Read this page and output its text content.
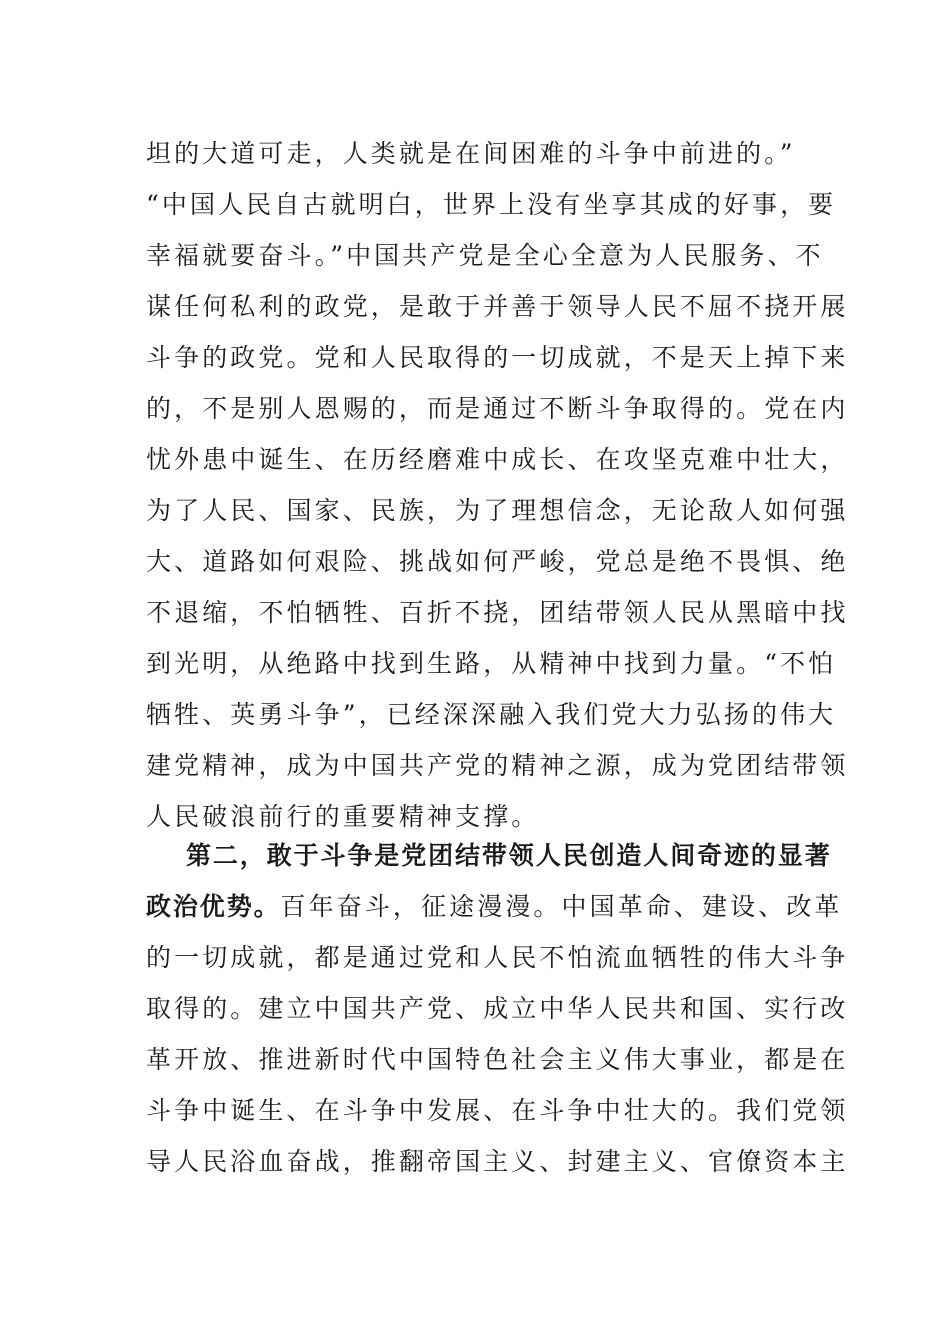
坦的大道可走，人类就是在间困难的斗争中前进的。”
“中国人民自古就明白，世界上没有坐享其成的好事，要
幸福就要奋斗。”中国共产党是全心全意为人民服务、不
谋任何私利的政党，是敢于并善于领导人民不屈不挠开展
斗争的政党。党和人民取得的一切成就，不是天上掉下来
的，不是别人恩赐的，而是通过不断斗争取得的。党在内
忧外患中诞生、在历经磨难中成长、在攻坚克难中壮大，
为了人民、国家、民族，为了理想信念，无论敌人如何强
大、道路如何艰险、挑战如何严峻，党总是绝不畏惧、绝
不退缩，不怕牺牲、百折不挠，团结带领人民从黑暗中找
到光明，从绝路中找到生路，从精神中找到力量。“不怕
牺牲、英勇斗争”，已经深深融入我们党大力弘扬的伟大
建党精神，成为中国共产党的精神之源，成为党团结带领
人民破浪前行的重要精神支撑。
第二，敢于斗争是党团结带领人民创造人间奇迹的显著
政治优势。百年奋斗，征途漫漫。中国革命、建设、改革
的一切成就，都是通过党和人民不怕流血牺牲的伟大斗争
取得的。建立中国共产党、成立中华人民共和国、实行改
革开放、推进新时代中国特色社会主义伟大事业，都是在
斗争中诞生、在斗争中发展、在斗争中壮大的。我们党领
导人民浴血奋战，推翻帝国主义、封建主义、官僚资本主
